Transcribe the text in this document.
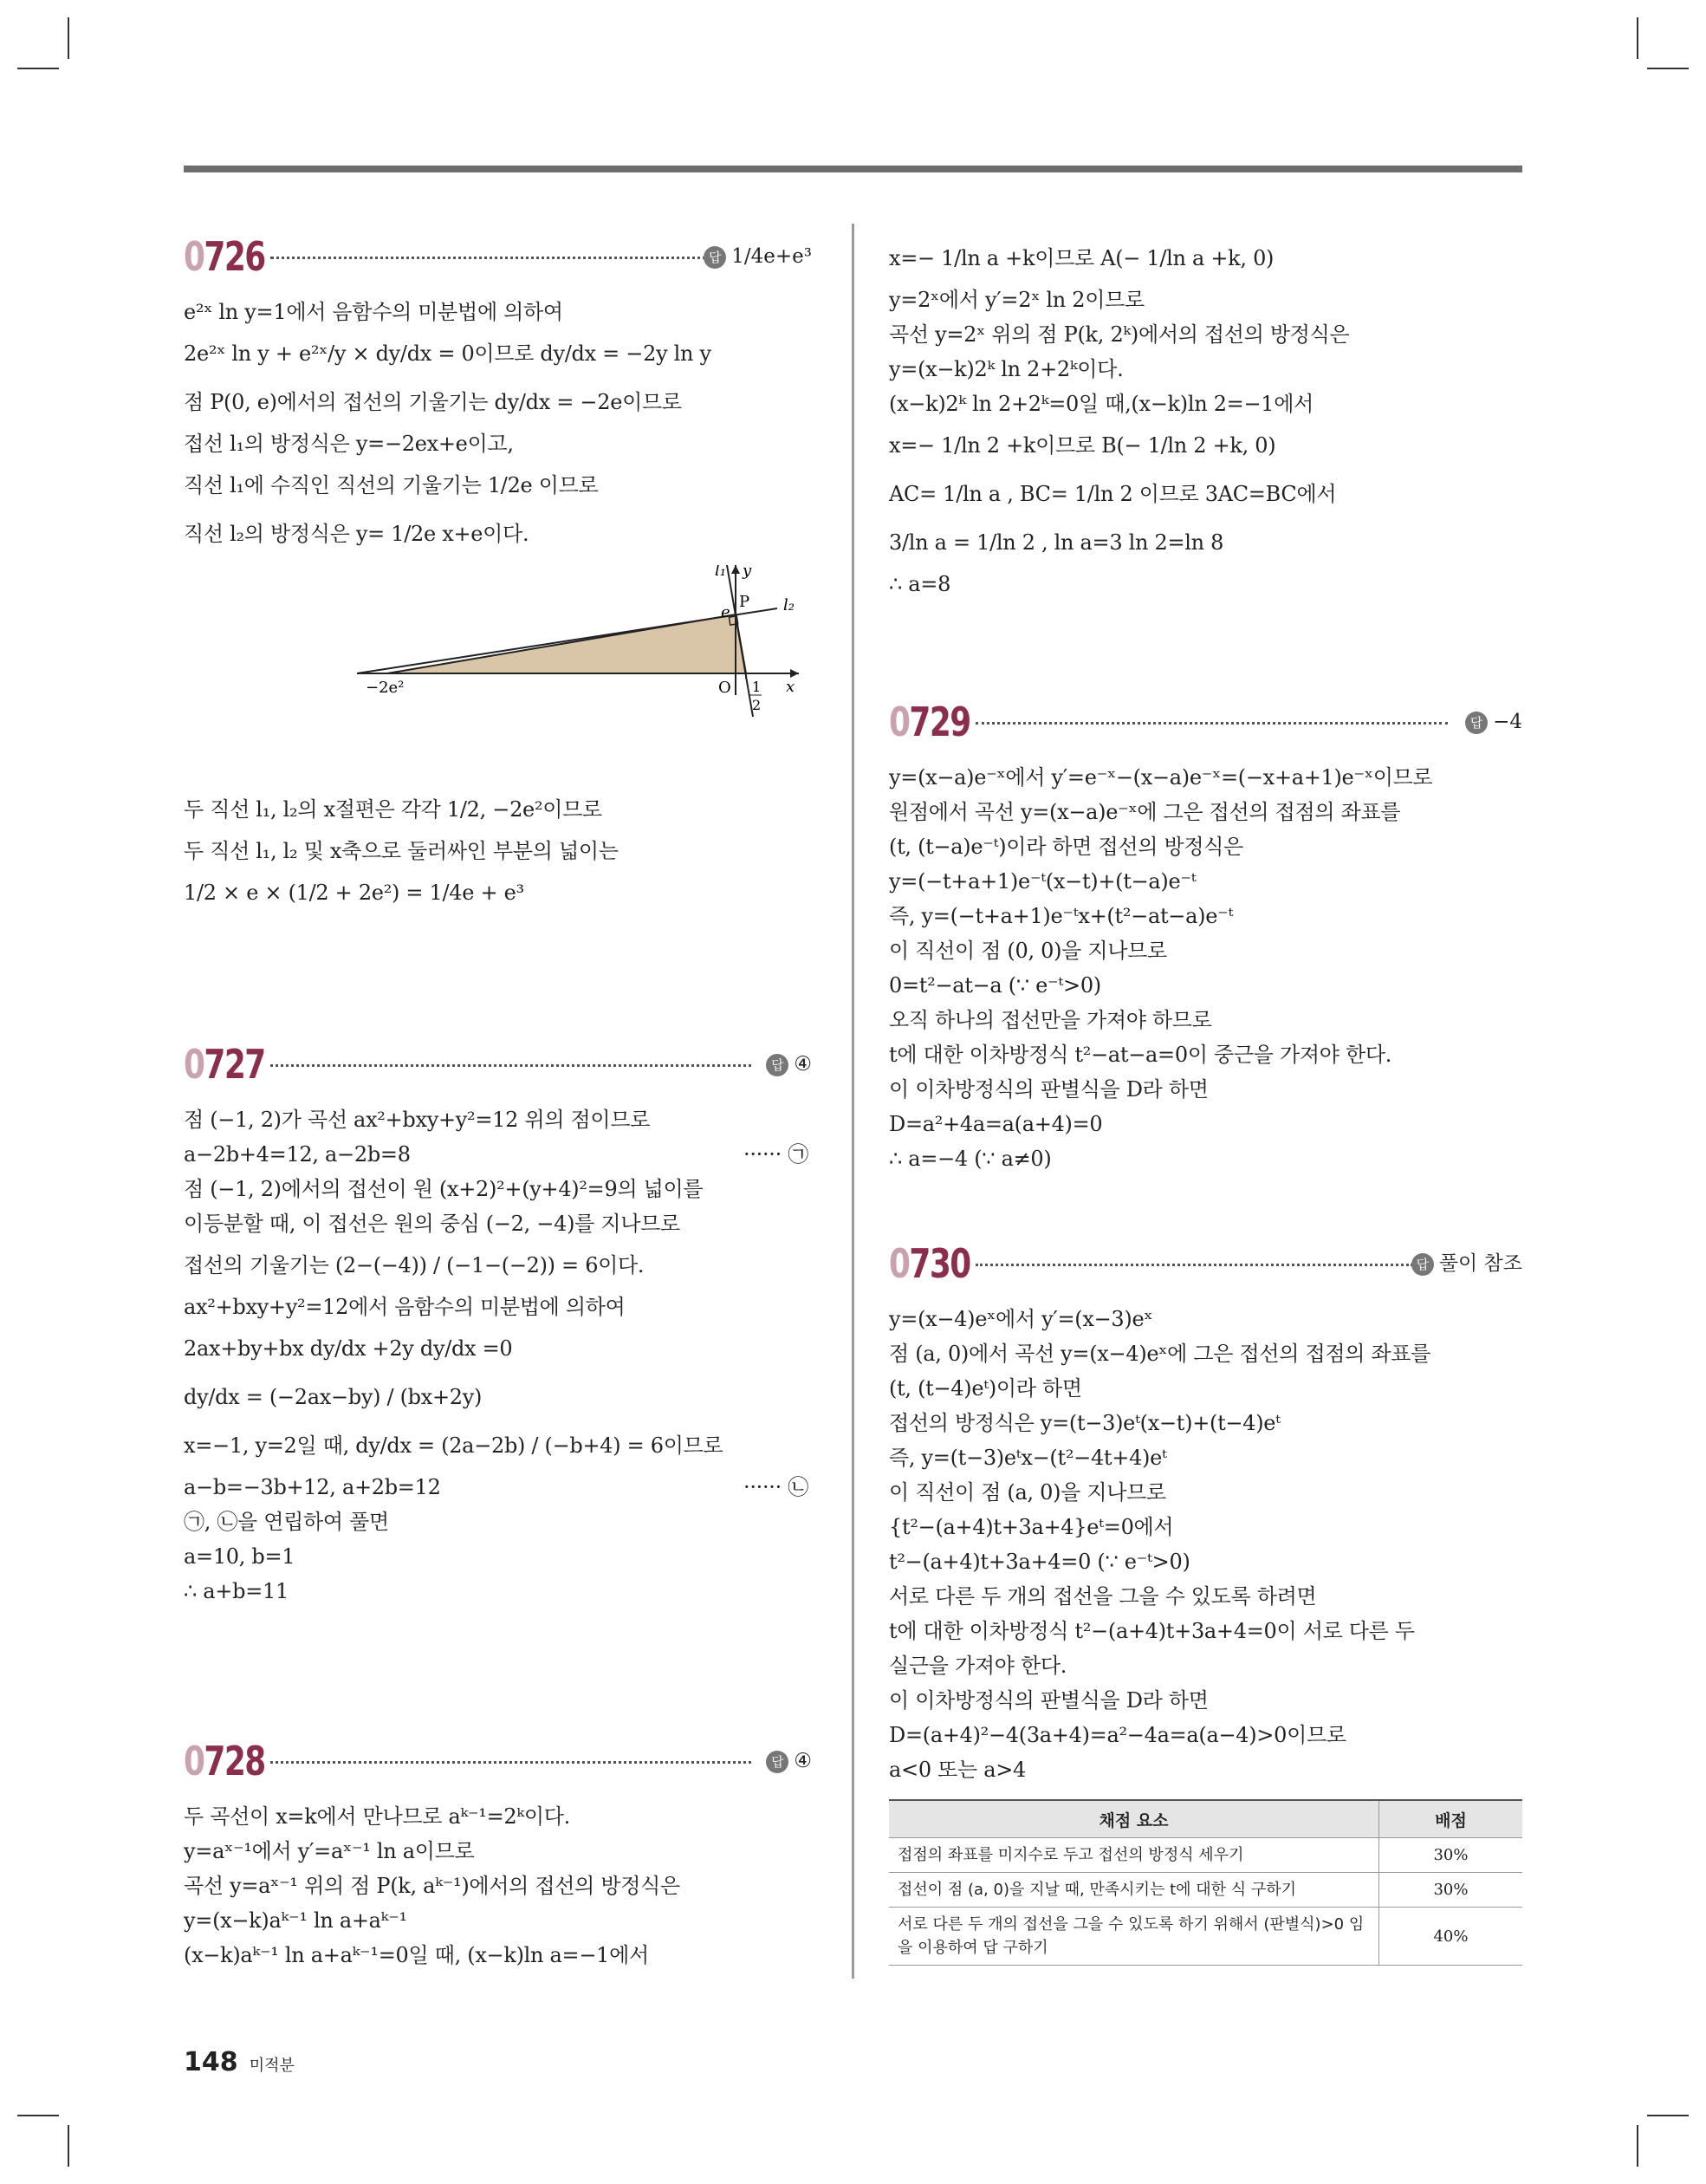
0726	답 1/4e+e³
e²ˣ ln y=1에서 음함수의 미분법에 의하여
2e²ˣ ln y + e²ˣ/y × dy/dx = 0이므로 dy/dx = −2y ln y
점 P(0, e)에서의 접선의 기울기는 dy/dx = −2e이므로
접선 l₁의 방정식은 y=−2ex+e이고,
직선 l₁에 수직인 직선의 기울기는 1/2e 이므로
직선 l₂의 방정식은 y= 1/2e x+e이다.
l₁ y
l₂
e
P
−2e²	O 1
2
x
두 직선 l₁, l₂의 x절편은 각각 1/2, −2e²이므로
두 직선 l₁, l₂ 및 x축으로 둘러싸인 부분의 넓이는
1/2 × e × (1/2 + 2e²) = 1/4e + e³
0727	답 ④
점 (−1, 2)가 곡선 ax²+bxy+y²=12 위의 점이므로
a−2b+4=12, a−2b=8	······ ㉠
점 (−1, 2)에서의 접선이 원 (x+2)²+(y+4)²=9의 넓이를
이등분할 때, 이 접선은 원의 중심 (−2, −4)를 지나므로
접선의 기울기는 (2−(−4)) / (−1−(−2)) = 6이다.
ax²+bxy+y²=12에서 음함수의 미분법에 의하여
2ax+by+bx dy/dx +2y dy/dx =0
dy/dx = (−2ax−by) / (bx+2y)
x=−1, y=2일 때, dy/dx = (2a−2b) / (−b+4) = 6이므로
a−b=−3b+12, a+2b=12	······ ㉡
㉠, ㉡을 연립하여 풀면
a=10, b=1
∴ a+b=11
0728	답 ④
두 곡선이 x=k에서 만나므로 aᵏ⁻¹=2ᵏ이다.
y=aˣ⁻¹에서 y′=aˣ⁻¹ ln a이므로
곡선 y=aˣ⁻¹ 위의 점 P(k, aᵏ⁻¹)에서의 접선의 방정식은
y=(x−k)aᵏ⁻¹ ln a+aᵏ⁻¹
(x−k)aᵏ⁻¹ ln a+aᵏ⁻¹=0일 때, (x−k)ln a=−1에서
x=− 1/ln a +k이므로 A(− 1/ln a +k, 0)
y=2ˣ에서 y′=2ˣ ln 2이므로
곡선 y=2ˣ 위의 점 P(k, 2ᵏ)에서의 접선의 방정식은
y=(x−k)2ᵏ ln 2+2ᵏ이다.
(x−k)2ᵏ ln 2+2ᵏ=0일 때,(x−k)ln 2=−1에서
x=− 1/ln 2 +k이므로 B(− 1/ln 2 +k, 0)
AC= 1/ln a , BC= 1/ln 2 이므로 3AC=BC에서
3/ln a = 1/ln 2 , ln a=3 ln 2=ln 8
∴ a=8
0729	답 −4
y=(x−a)e⁻ˣ에서 y′=e⁻ˣ−(x−a)e⁻ˣ=(−x+a+1)e⁻ˣ이므로
원점에서 곡선 y=(x−a)e⁻ˣ에 그은 접선의 접점의 좌표를
(t, (t−a)e⁻ᵗ)이라 하면 접선의 방정식은
y=(−t+a+1)e⁻ᵗ(x−t)+(t−a)e⁻ᵗ
즉, y=(−t+a+1)e⁻ᵗx+(t²−at−a)e⁻ᵗ
이 직선이 점 (0, 0)을 지나므로
0=t²−at−a (∵ e⁻ᵗ>0)
오직 하나의 접선만을 가져야 하므로
t에 대한 이차방정식 t²−at−a=0이 중근을 가져야 한다.
이 이차방정식의 판별식을 D라 하면
D=a²+4a=a(a+4)=0
∴ a=−4 (∵ a≠0)
0730	답 풀이 참조
y=(x−4)eˣ에서 y′=(x−3)eˣ
점 (a, 0)에서 곡선 y=(x−4)eˣ에 그은 접선의 접점의 좌표를
(t, (t−4)eᵗ)이라 하면
접선의 방정식은 y=(t−3)eᵗ(x−t)+(t−4)eᵗ
즉, y=(t−3)eᵗx−(t²−4t+4)eᵗ
이 직선이 점 (a, 0)을 지나므로
{t²−(a+4)t+3a+4}eᵗ=0에서
t²−(a+4)t+3a+4=0 (∵ e⁻ᵗ>0)
서로 다른 두 개의 접선을 그을 수 있도록 하려면
t에 대한 이차방정식 t²−(a+4)t+3a+4=0이 서로 다른 두
실근을 가져야 한다.
이 이차방정식의 판별식을 D라 하면
D=(a+4)²−4(3a+4)=a²−4a=a(a−4)>0이므로
a<0 또는 a>4
채점 요소	배점
접점의 좌표를 미지수로 두고 접선의 방정식 세우기	30%
접선이 점 (a, 0)을 지날 때, 만족시키는 t에 대한 식 구하기	30%
서로 다른 두 개의 접선을 그을 수 있도록 하기 위해서 (판별식)>0 임을 이용하여 답 구하기	40%
148 미적분
